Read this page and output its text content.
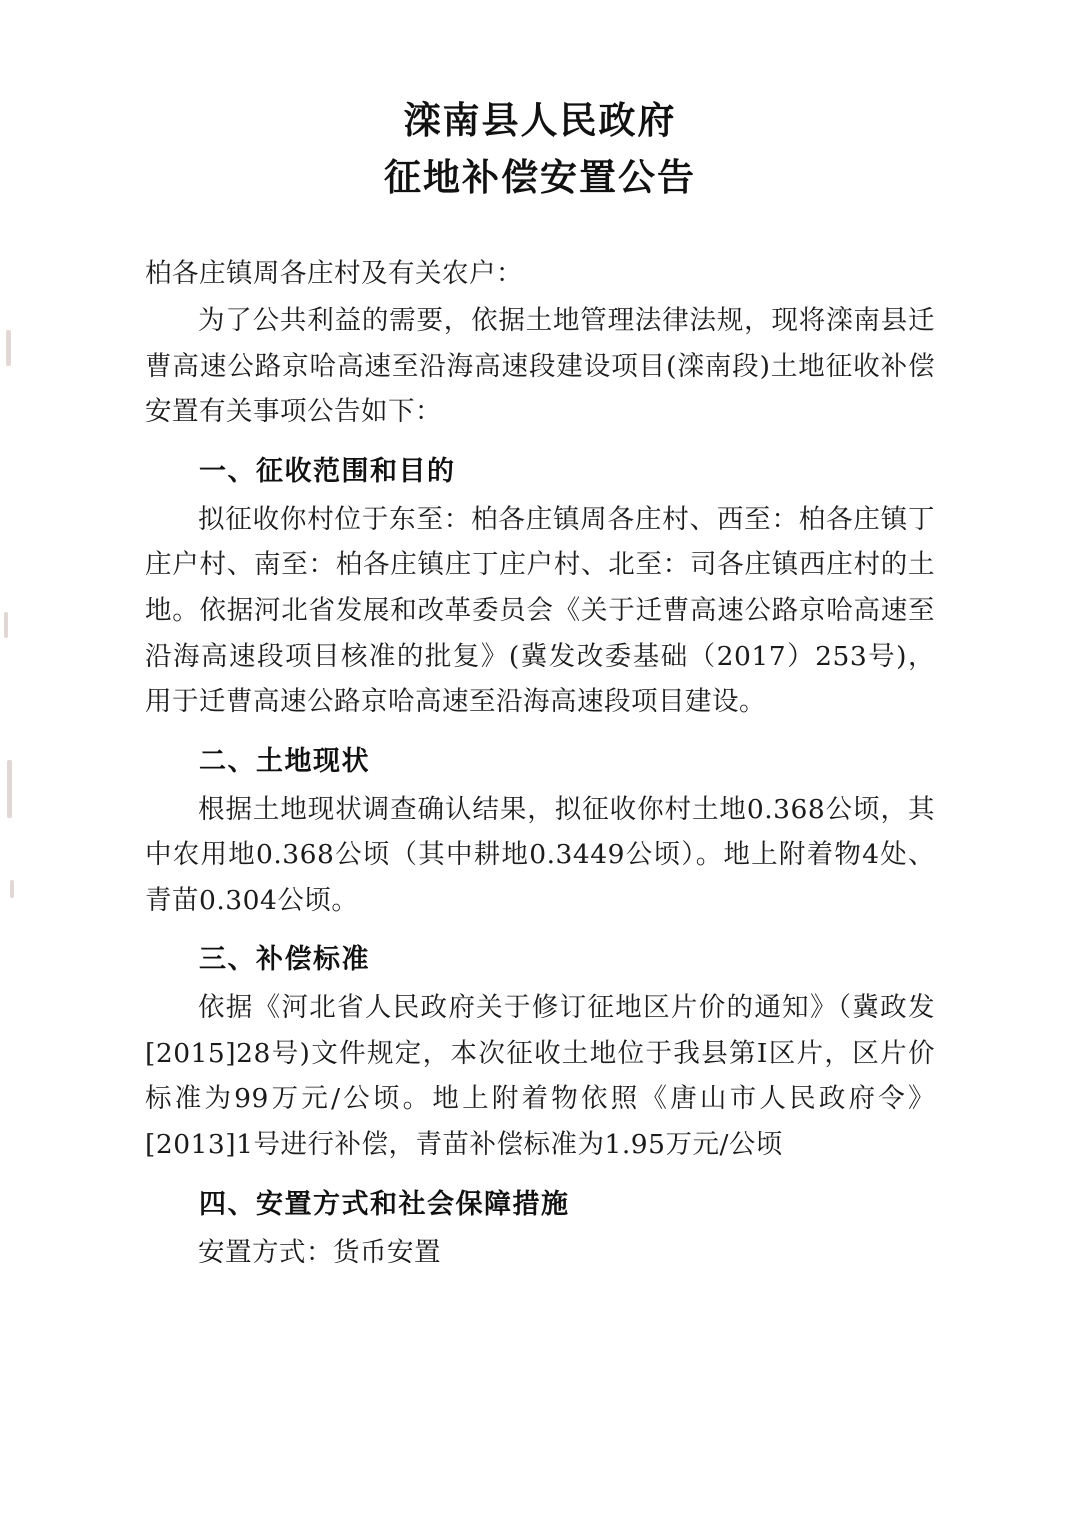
滦南县人民政府
征地补偿安置公告

柏各庄镇周各庄村及有关农户：

为了公共利益的需要，依据土地管理法律法规，现将滦南县迁曹高速公路京哈高速至沿海高速段建设项目(滦南段)土地征收补偿安置有关事项公告如下：

一、征收范围和目的

拟征收你村位于东至：柏各庄镇周各庄村、西至：柏各庄镇丁庄户村、南至：柏各庄镇庄丁庄户村、北至：司各庄镇西庄村的土地。依据河北省发展和改革委员会《关于迁曹高速公路京哈高速至沿海高速段项目核准的批复》(冀发改委基础（2017）253号)，用于迁曹高速公路京哈高速至沿海高速段项目建设。

二、土地现状

根据土地现状调查确认结果，拟征收你村土地0.368公顷，其中农用地0.368公顷（其中耕地0.3449公顷）。地上附着物4处、青苗0.304公顷。

三、补偿标准

依据《河北省人民政府关于修订征地区片价的通知》（冀政发[2015]28号)文件规定，本次征收土地位于我县第Ⅰ区片，区片价标准为99万元/公顷。地上附着物依照《唐山市人民政府令》[2013]1号进行补偿，青苗补偿标准为1.95万元/公顷

四、安置方式和社会保障措施

安置方式：货币安置
